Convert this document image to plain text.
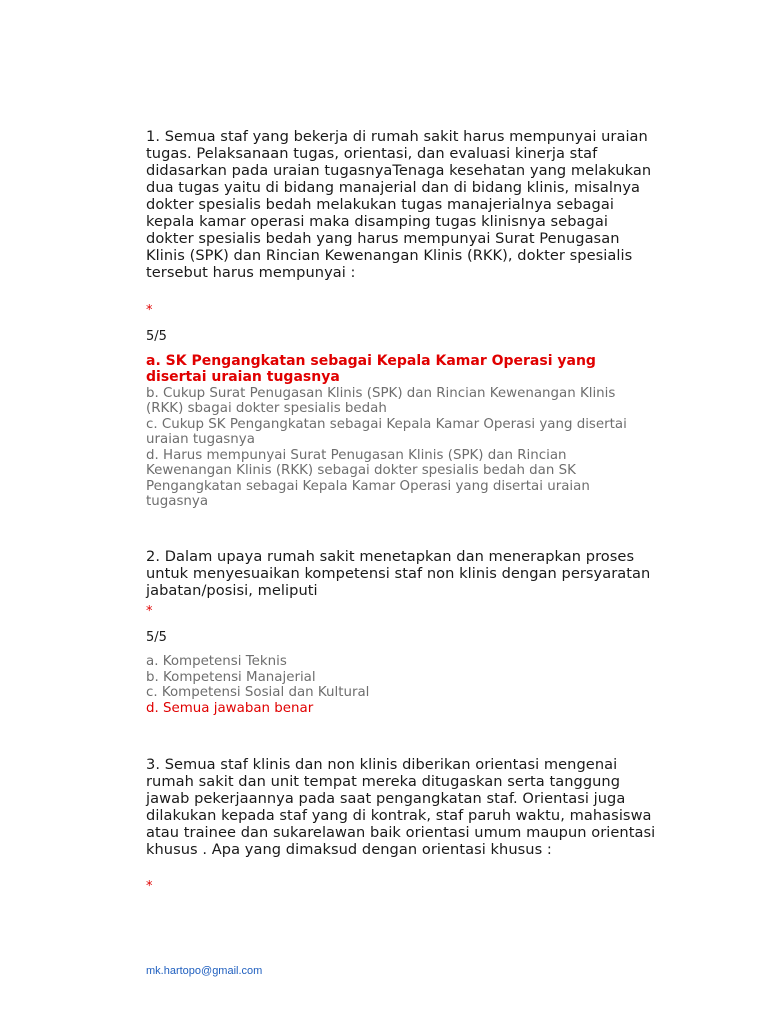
1. Semua staf yang bekerja di rumah sakit harus mempunyai uraian tugas. Pelaksanaan tugas, orientasi, dan evaluasi kinerja staf didasarkan pada uraian tugasnyaTenaga kesehatan yang melakukan dua tugas yaitu di bidang manajerial dan di bidang klinis, misalnya dokter spesialis bedah melakukan tugas manajerialnya sebagai kepala kamar operasi maka disamping tugas klinisnya sebagai dokter spesialis bedah yang harus mempunyai Surat Penugasan Klinis (SPK) dan Rincian Kewenangan Klinis (RKK), dokter spesialis tersebut harus mempunyai :

*
5/5
a. SK Pengangkatan sebagai Kepala Kamar Operasi yang disertai uraian tugasnya
b. Cukup Surat Penugasan Klinis (SPK) dan Rincian Kewenangan Klinis (RKK) sbagai dokter spesialis bedah
c. Cukup SK Pengangkatan sebagai Kepala Kamar Operasi yang disertai uraian tugasnya
d. Harus mempunyai Surat Penugasan Klinis (SPK) dan Rincian Kewenangan Klinis (RKK) sebagai dokter spesialis bedah dan SK Pengangkatan sebagai Kepala Kamar Operasi yang disertai uraian tugasnya

2. Dalam upaya rumah sakit menetapkan dan menerapkan proses untuk menyesuaikan kompetensi staf non klinis dengan persyaratan jabatan/posisi, meliputi

*
5/5
a. Kompetensi Teknis
b. Kompetensi Manajerial
c. Kompetensi Sosial dan Kultural
d. Semua jawaban benar

3. Semua staf klinis dan non klinis diberikan orientasi mengenai rumah sakit dan unit tempat mereka ditugaskan serta tanggung jawab pekerjaannya pada saat pengangkatan staf. Orientasi juga dilakukan kepada staf yang di kontrak, staf paruh waktu, mahasiswa atau trainee dan sukarelawan baik orientasi umum maupun orientasi khusus . Apa yang dimaksud dengan orientasi khusus :

*
mk.hartopo@gmail.com
